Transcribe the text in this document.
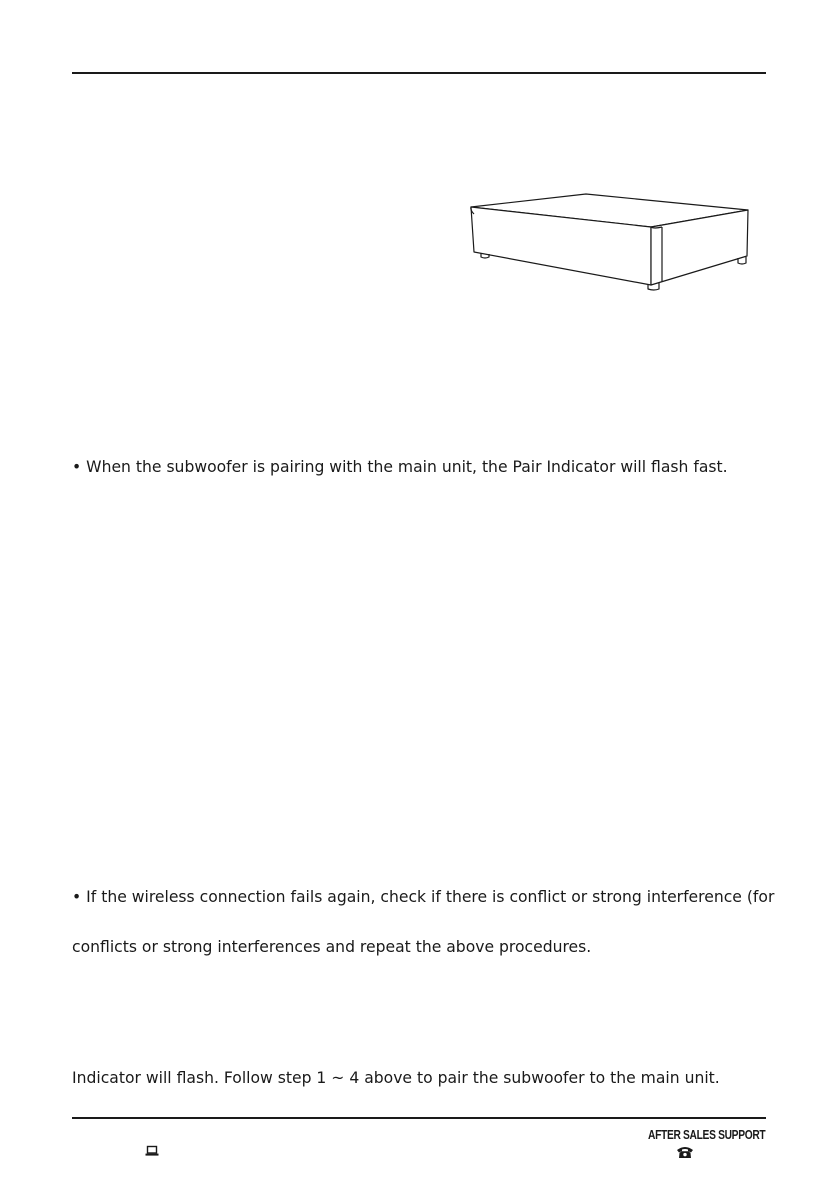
• When the subwoofer is pairing with the main unit, the Pair Indicator will flash fast.
• If the wireless connection fails again, check if there is conflict or strong interference (for
conflicts or strong interferences and repeat the above procedures.
Indicator will flash. Follow step 1 ~ 4 above to pair the subwoofer to the main unit.
AFTER SALES SUPPORT
